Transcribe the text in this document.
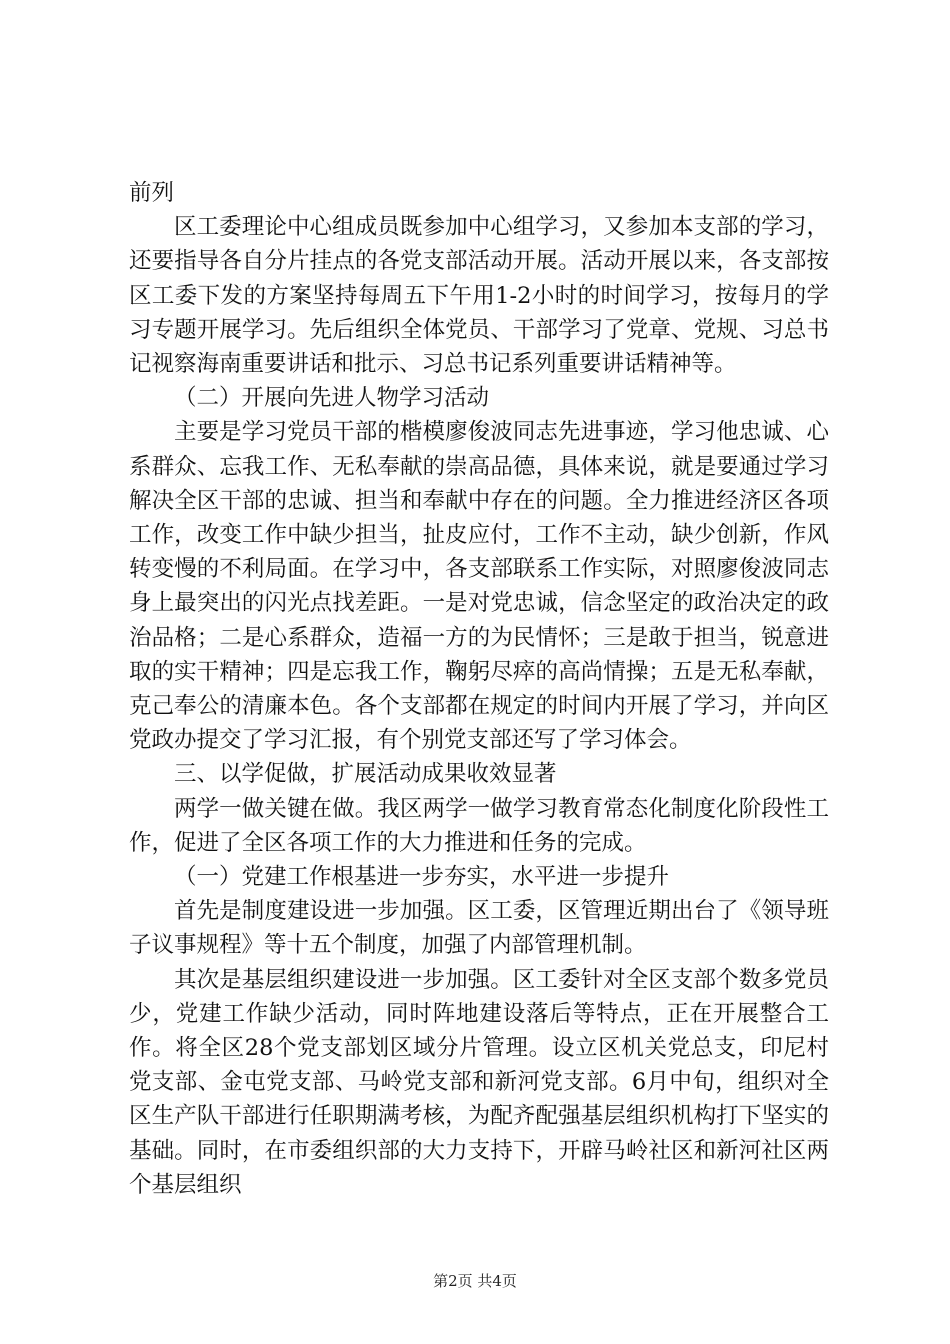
前列

区工委理论中心组成员既参加中心组学习，又参加本支部的学习，还要指导各自分片挂点的各党支部活动开展。活动开展以来，各支部按区工委下发的方案坚持每周五下午用1-2小时的时间学习，按每月的学习专题开展学习。先后组织全体党员、干部学习了党章、党规、习总书记视察海南重要讲话和批示、习总书记系列重要讲话精神等。

（二）开展向先进人物学习活动

主要是学习党员干部的楷模廖俊波同志先进事迹，学习他忠诚、心系群众、忘我工作、无私奉献的崇高品德，具体来说，就是要通过学习解决全区干部的忠诚、担当和奉献中存在的问题。全力推进经济区各项工作，改变工作中缺少担当，扯皮应付，工作不主动，缺少创新，作风转变慢的不利局面。在学习中，各支部联系工作实际，对照廖俊波同志身上最突出的闪光点找差距。一是对党忠诚，信念坚定的政治决定的政治品格；二是心系群众，造福一方的为民情怀；三是敢于担当，锐意进取的实干精神；四是忘我工作，鞠躬尽瘁的高尚情操；五是无私奉献，克己奉公的清廉本色。各个支部都在规定的时间内开展了学习，并向区党政办提交了学习汇报，有个别党支部还写了学习体会。

三、以学促做，扩展活动成果收效显著

两学一做关键在做。我区两学一做学习教育常态化制度化阶段性工作，促进了全区各项工作的大力推进和任务的完成。

（一）党建工作根基进一步夯实，水平进一步提升

首先是制度建设进一步加强。区工委，区管理近期出台了《领导班子议事规程》等十五个制度，加强了内部管理机制。

其次是基层组织建设进一步加强。区工委针对全区支部个数多党员少，党建工作缺少活动，同时阵地建设落后等特点，正在开展整合工作。将全区28个党支部划区域分片管理。设立区机关党总支，印尼村党支部、金屯党支部、马岭党支部和新河党支部。6月中旬，组织对全区生产队干部进行任职期满考核，为配齐配强基层组织机构打下坚实的基础。同时，在市委组织部的大力支持下，开辟马岭社区和新河社区两个基层组织

第2页 共4页
